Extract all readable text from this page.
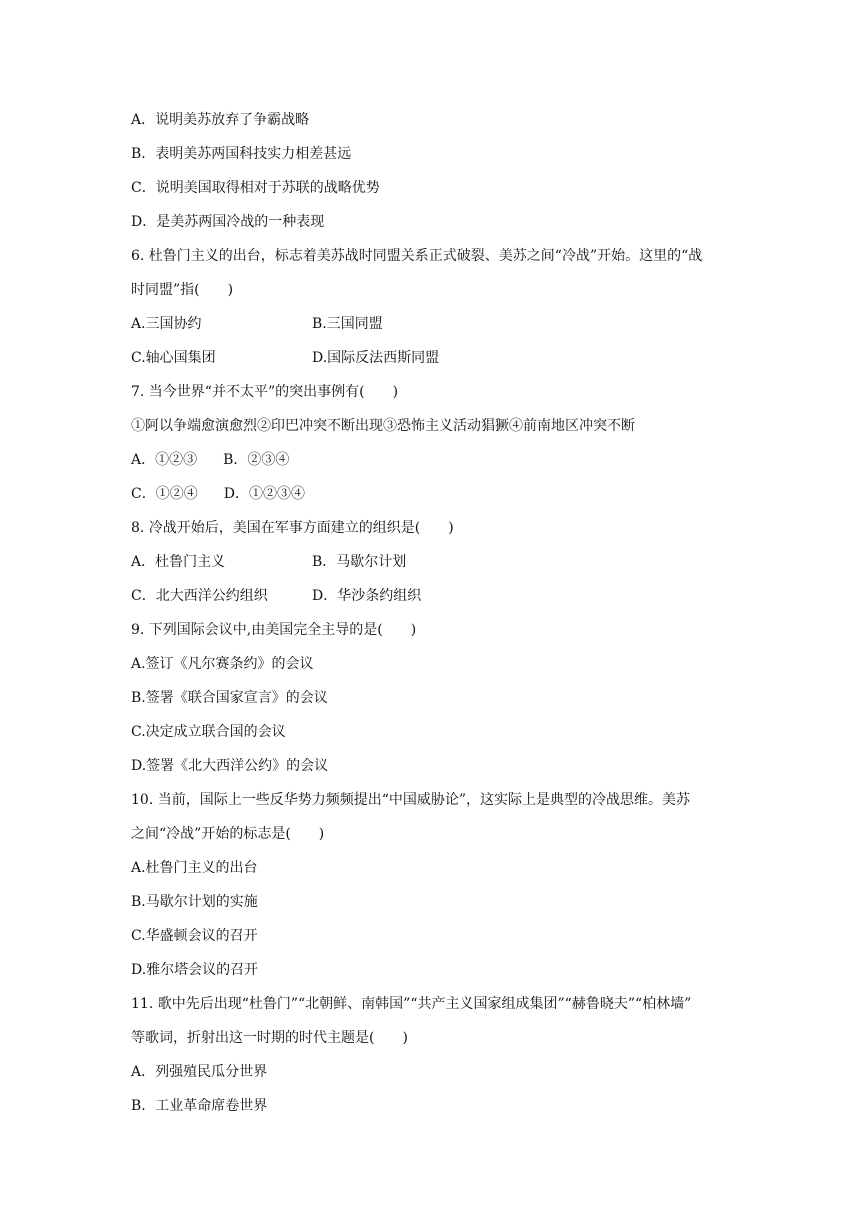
A．说明美苏放弃了争霸战略
B．表明美苏两国科技实力相差甚远
C．说明美国取得相对于苏联的战略优势
D．是美苏两国冷战的一种表现
6. 杜鲁门主义的出台，标志着美苏战时同盟关系正式破裂、美苏之间“冷战”开始。这里的“战
时同盟”指(　　)
A.三国协约	B.三国同盟
C.轴心国集团	D.国际反法西斯同盟
7. 当今世界“并不太平”的突出事例有(　　)
①阿以争端愈演愈烈②印巴冲突不断出现③恐怖主义活动猖獗④前南地区冲突不断
A．①②③ B．②③④
C．①②④ D．①②③④
8. 冷战开始后，美国在军事方面建立的组织是(　　)
A．杜鲁门主义	B．马歇尔计划
C．北大西洋公约组织	D．华沙条约组织
9. 下列国际会议中,由美国完全主导的是(　　)
A.签订《凡尔赛条约》的会议
B.签署《联合国家宣言》的会议
C.决定成立联合国的会议
D.签署《北大西洋公约》的会议
10. 当前，国际上一些反华势力频频提出“中国威胁论”，这实际上是典型的冷战思维。美苏
之间“冷战”开始的标志是(　　)
A.杜鲁门主义的出台
B.马歇尔计划的实施
C.华盛顿会议的召开
D.雅尔塔会议的召开
11. 歌中先后出现“杜鲁门”“北朝鲜、南韩国”“共产主义国家组成集团”“赫鲁晓夫”“柏林墙”
等歌词，折射出这一时期的时代主题是(　　)
A．列强殖民瓜分世界
B．工业革命席卷世界
